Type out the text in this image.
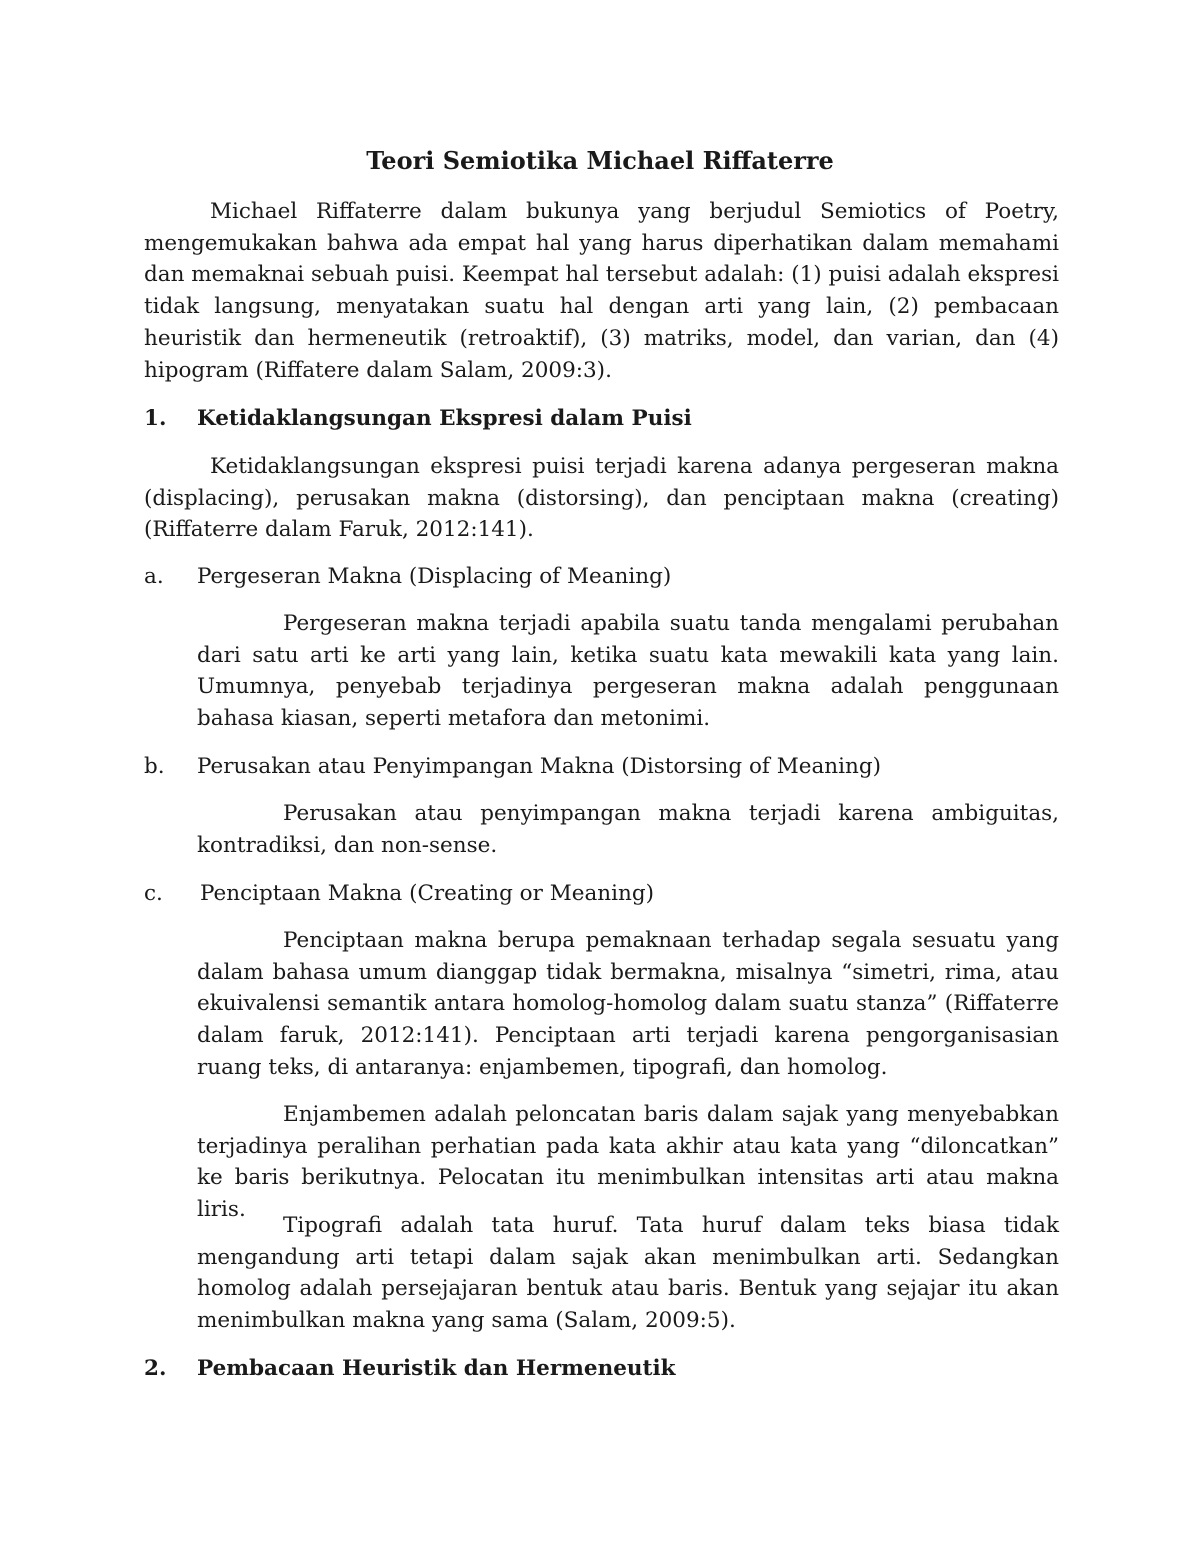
Teori Semiotika Michael Riffaterre
Michael Riffaterre dalam bukunya yang berjudul Semiotics of Poetry, mengemukakan bahwa ada empat hal yang harus diperhatikan dalam memahami dan memaknai sebuah puisi. Keempat hal tersebut adalah: (1) puisi adalah ekspresi tidak langsung, menyatakan suatu hal dengan arti yang lain, (2) pembacaan heuristik dan hermeneutik (retroaktif), (3) matriks, model, dan varian, dan (4) hipogram (Riffatere dalam Salam, 2009:3).
1. Ketidaklangsungan Ekspresi dalam Puisi
Ketidaklangsungan ekspresi puisi terjadi karena adanya pergeseran makna (displacing), perusakan makna (distorsing), dan penciptaan makna (creating) (Riffaterre dalam Faruk, 2012:141).
a. Pergeseran Makna (Displacing of Meaning)
Pergeseran makna terjadi apabila suatu tanda mengalami perubahan dari satu arti ke arti yang lain, ketika suatu kata mewakili kata yang lain. Umumnya, penyebab terjadinya pergeseran makna adalah penggunaan bahasa kiasan, seperti metafora dan metonimi.
b. Perusakan atau Penyimpangan Makna (Distorsing of Meaning)
Perusakan atau penyimpangan makna terjadi karena ambiguitas, kontradiksi, dan non-sense.
c. Penciptaan Makna (Creating or Meaning)
Penciptaan makna berupa pemaknaan terhadap segala sesuatu yang dalam bahasa umum dianggap tidak bermakna, misalnya “simetri, rima, atau ekuivalensi semantik antara homolog-homolog dalam suatu stanza” (Riffaterre dalam faruk, 2012:141). Penciptaan arti terjadi karena pengorganisasian ruang teks, di antaranya: enjambemen, tipografi, dan homolog.
Enjambemen adalah peloncatan baris dalam sajak yang menyebabkan terjadinya peralihan perhatian pada kata akhir atau kata yang “diloncatkan” ke baris berikutnya. Pelocatan itu menimbulkan intensitas arti atau makna liris.
Tipografi adalah tata huruf. Tata huruf dalam teks biasa tidak mengandung arti tetapi dalam sajak akan menimbulkan arti. Sedangkan homolog adalah persejajaran bentuk atau baris. Bentuk yang sejajar itu akan menimbulkan makna yang sama (Salam, 2009:5).
2. Pembacaan Heuristik dan Hermeneutik
